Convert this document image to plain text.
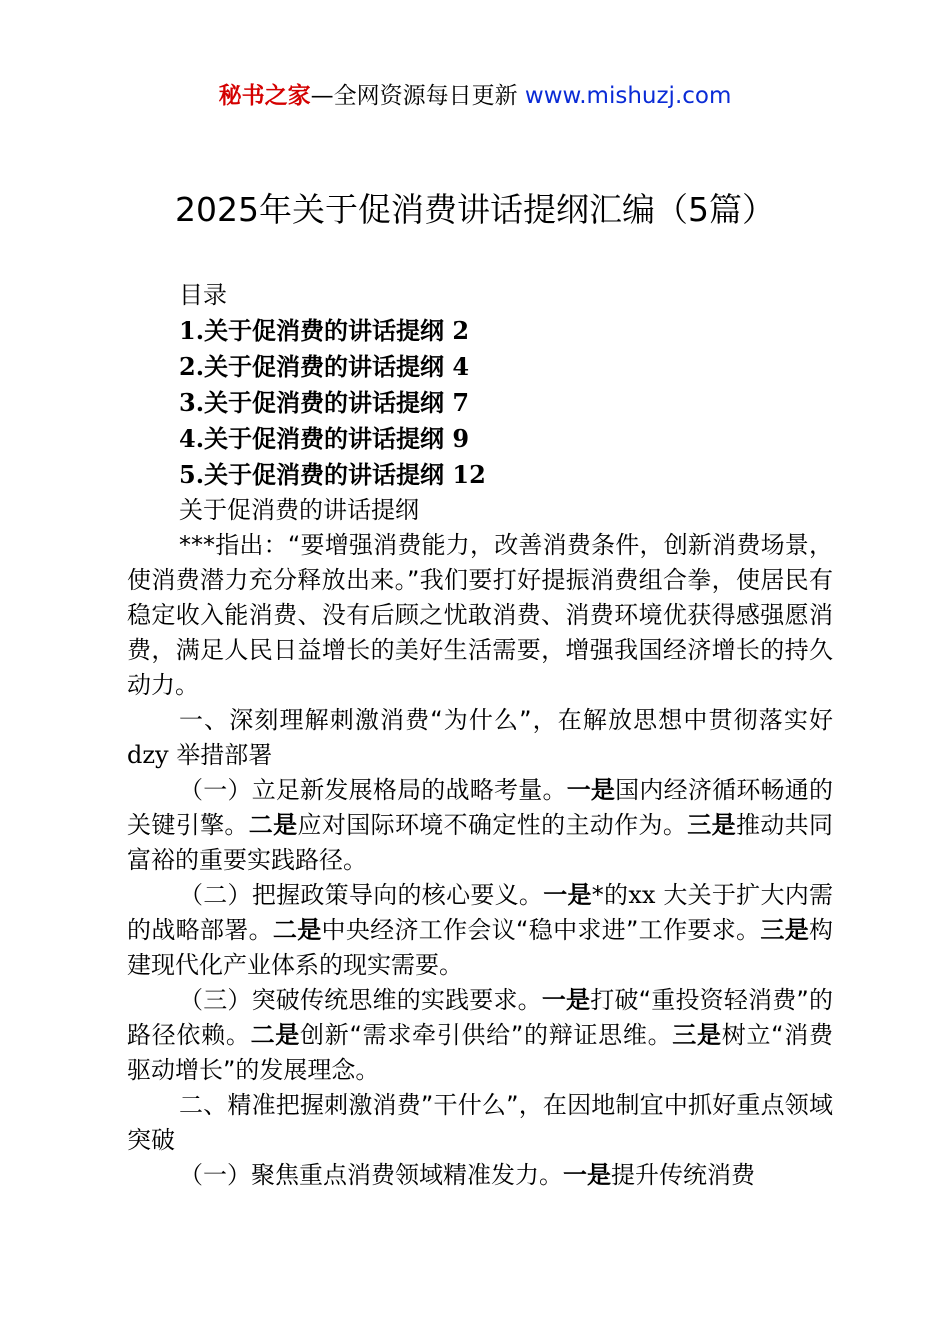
秘书之家—全网资源每日更新 www.mishuzj.com
2025年关于促消费讲话提纲汇编（5篇）

目录

1.关于促消费的讲话提纲 2

2.关于促消费的讲话提纲 4

3.关于促消费的讲话提纲 7

4.关于促消费的讲话提纲 9

5.关于促消费的讲话提纲 12

关于促消费的讲话提纲

***指出：“要增强消费能力，改善消费条件，创新消费场景，使消费潜力充分释放出来。”我们要打好提振消费组合拳，使居民有稳定收入能消费、没有后顾之忧敢消费、消费环境优获得感强愿消费，满足人民日益增长的美好生活需要，增强我国经济增长的持久动力。

一、深刻理解刺激消费“为什么”，在解放思想中贯彻落实好dzy 举措部署

（一）立足新发展格局的战略考量。一是国内经济循环畅通的关键引擎。二是应对国际环境不确定性的主动作为。三是推动共同富裕的重要实践路径。

（二）把握政策导向的核心要义。一是*的xx 大关于扩大内需的战略部署。二是中央经济工作会议“稳中求进”工作要求。三是构建现代化产业体系的现实需要。

（三）突破传统思维的实践要求。一是打破“重投资轻消费”的路径依赖。二是创新“需求牵引供给”的辩证思维。三是树立“消费驱动增长”的发展理念。

二、精准把握刺激消费”干什么”，在因地制宜中抓好重点领域突破

（一）聚焦重点消费领域精准发力。一是提升传统消费
